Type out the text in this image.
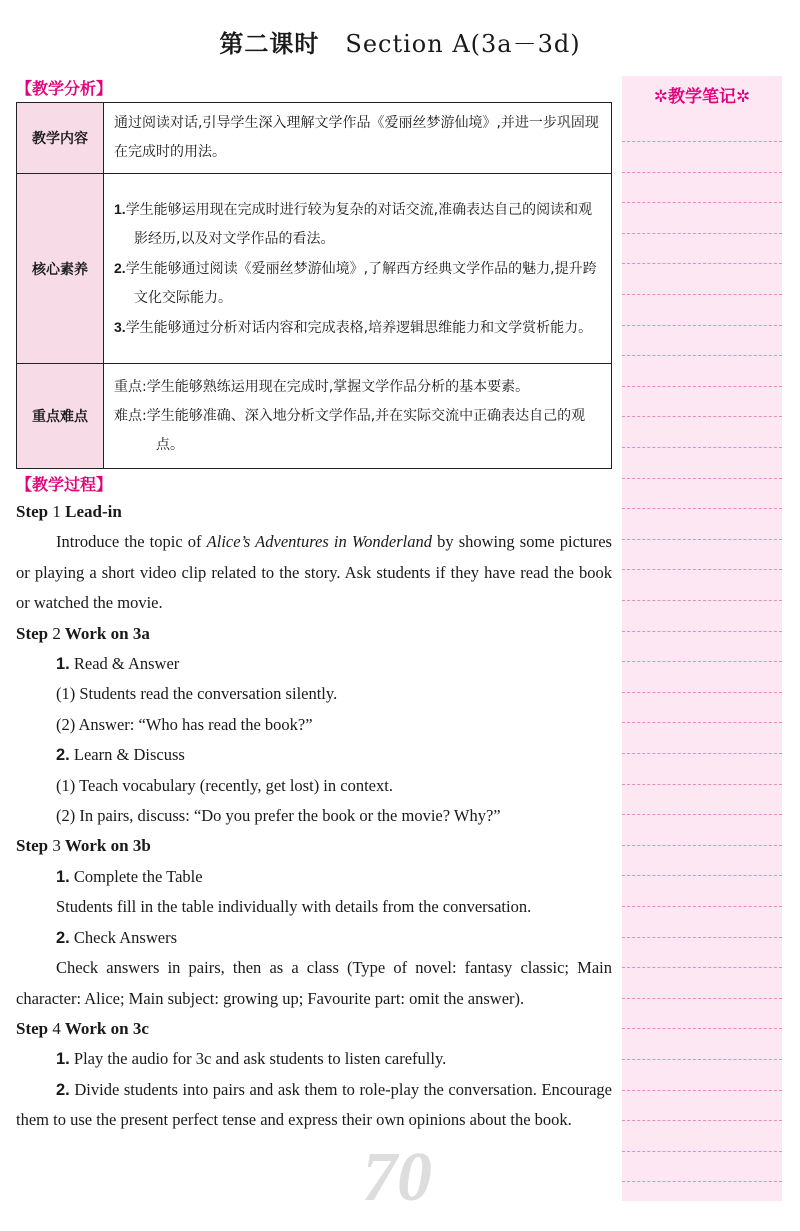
第二课时 Section A(3a－3d)
【教学分析】
教学内容	通过阅读对话,引导学生深入理解文学作品《爱丽丝梦游仙境》,并进一步巩固现在完成时的用法。

核心素养	1.学生能够运用现在完成时进行较为复杂的对话交流,准确表达自己的阅读和观影经历,以及对文学作品的看法。
2.学生能够通过阅读《爱丽丝梦游仙境》,了解西方经典文学作品的魅力,提升跨文化交际能力。
3.学生能够通过分析对话内容和完成表格,培养逻辑思维能力和文学赏析能力。

重点难点	重点:学生能够熟练运用现在完成时,掌握文学作品分析的基本要素。
难点:学生能够准确、深入地分析文学作品,并在实际交流中正确表达自己的观点。
【教学过程】
Step 1 Lead-in
Introduce the topic of Alice’s Adventures in Wonderland by showing some pictures or playing a short video clip related to the story. Ask students if they have read the book or watched the movie.
Step 2 Work on 3a
1. Read & Answer
(1) Students read the conversation silently.
(2) Answer: “Who has read the book?”
2. Learn & Discuss
(1) Teach vocabulary (recently, get lost) in context.
(2) In pairs, discuss: “Do you prefer the book or the movie? Why?”
Step 3 Work on 3b
1. Complete the Table
Students fill in the table individually with details from the conversation.
2. Check Answers
Check answers in pairs, then as a class (Type of novel: fantasy classic; Main character: Alice; Main subject: growing up; Favourite part: omit the answer).
Step 4 Work on 3c
1. Play the audio for 3c and ask students to listen carefully.
2. Divide students into pairs and ask them to role-play the conversation. Encourage them to use the present perfect tense and express their own opinions about the book.
70
✲教学笔记✲
